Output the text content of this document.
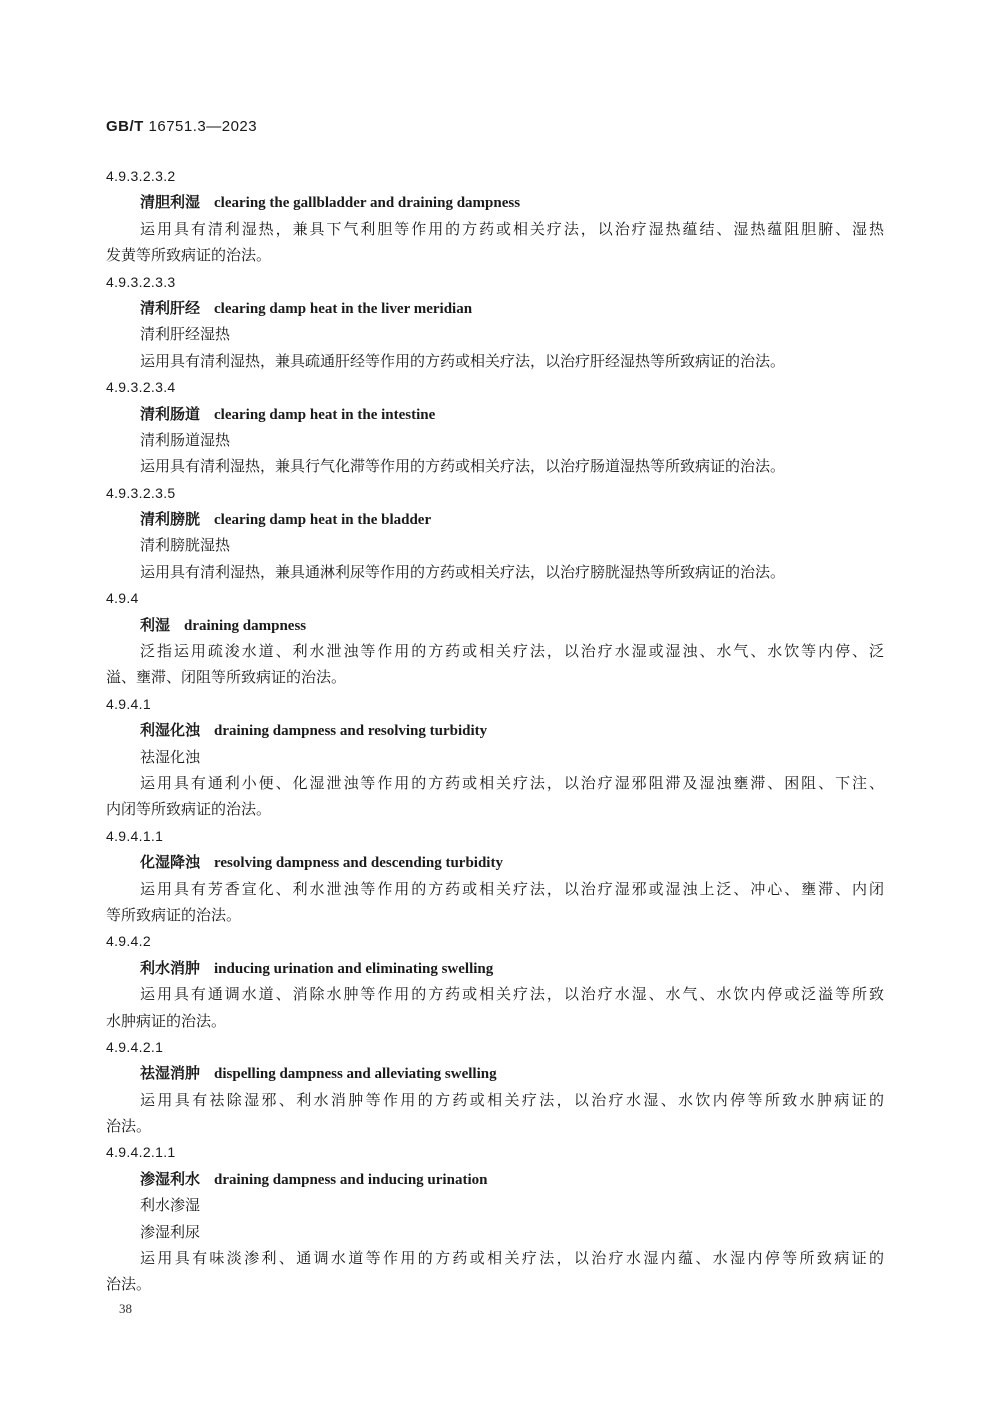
GB/T 16751.3—2023
4.9.3.2.3.2
清胆利湿 clearing the gallbladder and draining dampness
运用具有清利湿热，兼具下气利胆等作用的方药或相关疗法，以治疗湿热蕴结、湿热蕴阻胆腑、湿热
发黄等所致病证的治法。
4.9.3.2.3.3
清利肝经 clearing damp heat in the liver meridian
清利肝经湿热
运用具有清利湿热，兼具疏通肝经等作用的方药或相关疗法，以治疗肝经湿热等所致病证的治法。
4.9.3.2.3.4
清利肠道 clearing damp heat in the intestine
清利肠道湿热
运用具有清利湿热，兼具行气化滞等作用的方药或相关疗法，以治疗肠道湿热等所致病证的治法。
4.9.3.2.3.5
清利膀胱 clearing damp heat in the bladder
清利膀胱湿热
运用具有清利湿热，兼具通淋利尿等作用的方药或相关疗法，以治疗膀胱湿热等所致病证的治法。
4.9.4
利湿 draining dampness
泛指运用疏浚水道、利水泄浊等作用的方药或相关疗法，以治疗水湿或湿浊、水气、水饮等内停、泛
溢、壅滞、闭阻等所致病证的治法。
4.9.4.1
利湿化浊 draining dampness and resolving turbidity
祛湿化浊
运用具有通利小便、化湿泄浊等作用的方药或相关疗法，以治疗湿邪阻滞及湿浊壅滞、困阻、下注、
内闭等所致病证的治法。
4.9.4.1.1
化湿降浊 resolving dampness and descending turbidity
运用具有芳香宣化、利水泄浊等作用的方药或相关疗法，以治疗湿邪或湿浊上泛、冲心、壅滞、内闭
等所致病证的治法。
4.9.4.2
利水消肿 inducing urination and eliminating swelling
运用具有通调水道、消除水肿等作用的方药或相关疗法，以治疗水湿、水气、水饮内停或泛溢等所致
水肿病证的治法。
4.9.4.2.1
祛湿消肿 dispelling dampness and alleviating swelling
运用具有祛除湿邪、利水消肿等作用的方药或相关疗法，以治疗水湿、水饮内停等所致水肿病证的
治法。
4.9.4.2.1.1
渗湿利水 draining dampness and inducing urination
利水渗湿
渗湿利尿
运用具有味淡渗利、通调水道等作用的方药或相关疗法，以治疗水湿内蕴、水湿内停等所致病证的
治法。
38
